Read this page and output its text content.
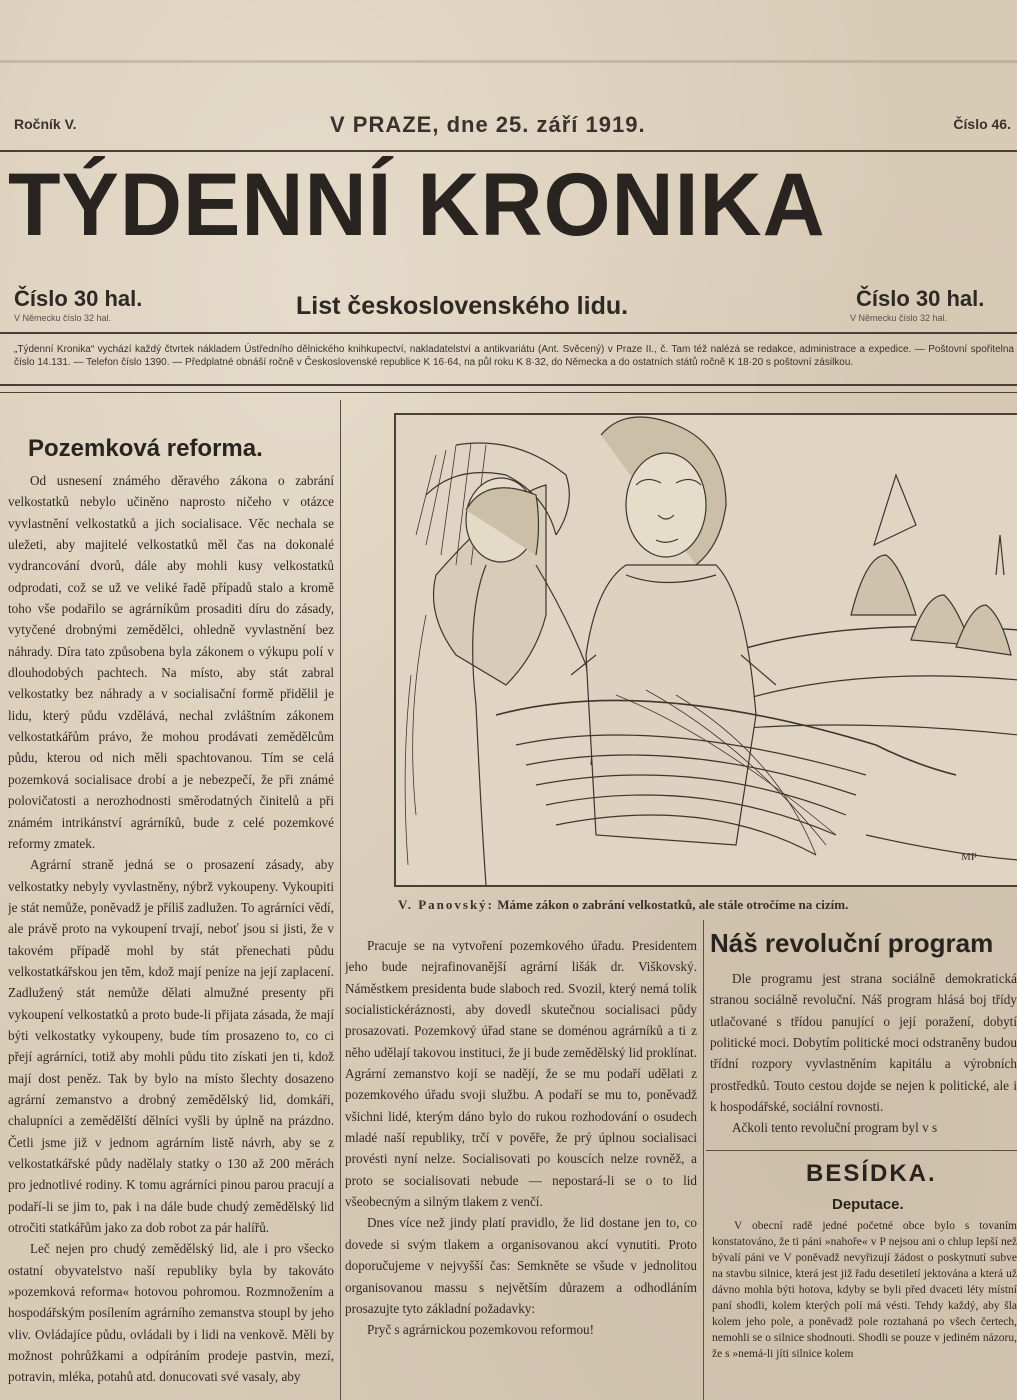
Ročník V.	V PRAZE, dne 25. září 1919.	Číslo 46.
TÝDENNÍ KRONIKA
Číslo 30 hal.
V Německu číslo 32 hal.	List československého lidu.	Číslo 30 hal.
V Německu číslo 32 hal.
„Týdenní Kronika“ vychází každý čtvrtek nákladem Ústředního dělnického knihkupectví, nakladatelství a antikvariátu (Ant. Svěcený) v Praze II., č. Tam též nalézá se redakce, administrace a expedice. — Poštovní spořitelna číslo 14.131. — Telefon číslo 1390. — Předplatné obnáší ročně v Československé republice K 16·64, na půl roku K 8·32, do Německa a do ostatních států ročně K 18·20 s poštovní zásilkou.
Pozemková reforma.

Od usnesení známého děravého zákona o zabrání velkostatků nebylo učiněno naprosto ničeho v otázce vyvlastnění velkostatků a jich socialisace. Věc nechala se uležeti, aby majitelé velkostatků měl čas na dokonalé vydrancování dvorů, dále aby mohli kusy velkostatků odprodati, což se už ve veliké řadě případů stalo a kromě toho vše podařilo se agrárníkům prosaditi díru do zásady, vytyčené drobnými zemědělci, ohledně vyvlastnění bez náhrady. Díra tato způsobena byla zákonem o výkupu polí v dlouhodobých pachtech. Na místo, aby stát zabral velkostatky bez náhrady a v socialisační formě přidělil je lidu, který půdu vzdělává, nechal zvláštním zákonem velkostatkářům právo, že mohou prodávati zemědělcům půdu, kterou od nich měli spachtovanou. Tím se celá pozemková socialisace drobí a je nebezpečí, že při známé polovičatosti a nerozhodnosti směrodatných činitelů a při známém intrikánství agrárníků, bude z celé pozemkové reformy zmatek.

Agrární straně jedná se o prosazení zásady, aby velkostatky nebyly vyvlastněny, nýbrž vykoupeny. Vykoupiti je stát nemůže, poněvadž je příliš zadlužen. To agrárníci vědí, ale právě proto na vykoupení trvají, neboť jsou si jisti, že v takovém případě mohl by stát přenechati půdu velkostatkářskou jen těm, kdož mají peníze na její zaplacení. Zadlužený stát nemůže dělati almužné presenty při vykoupení velkostatků a proto bude-li přijata zásada, že mají býti velkostatky vykoupeny, bude tím prosazeno to, co ci přejí agrárníci, totiž aby mohli půdu tito získati jen ti, kdož mají dost peněz. Tak by bylo na místo šlechty dosazeno agrární zemanstvo a drobný zemědělský lid, domkáři, chalupníci a zemědělští dělníci vyšli by úplně na prázdno. Četli jsme již v jednom agrárním listě návrh, aby se z velkostatkářské půdy nadělaly statky o 130 až 200 měrách pro jednotlivé rodiny. K tomu agrárníci pinou parou pracují a podaří-li se jim to, pak i na dále bude chudý zemědělský lid otročiti statkářům jako za dob robot za pár halířů.

Leč nejen pro chudý zemědělský lid, ale i pro všecko ostatní obyvatelstvo naší republiky byla by takováto »pozemková reforma« hotovou pohromou. Rozmnožením a hospodářským posílením agrárního zemanstva stoupl by jeho vliv. Ovládajíce půdu, ovládali by i lidi na venkově. Měli by možnost pohrůžkami a odpíráním prodeje pastvin, mezí, potravin, mléka, potahů atd. donucovati své vasaly, aby

MP
V. Panovský: Máme zákon o zabrání velkostatků, ale stále otročíme na cizím.

Pracuje se na vytvoření pozemkového úřadu. Presidentem jeho bude nejrafinovanější agrární lišák dr. Viškovský. Náměstkem presidenta bude slaboch red. Svozil, který nemá tolik socialistickéráznosti, aby dovedl skutečnou socialisaci půdy prosazovati. Pozemkový úřad stane se doménou agrárníků a ti z něho udělají takovou instituci, že ji bude zemědělský lid proklínat. Agrární zemanstvo kojí se nadějí, že se mu podaří udělati z pozemkového úřadu svoji službu. A podaří se mu to, poněvadž všichni lidé, kterým dáno bylo do rukou rozhodování o osudech mladé naší republiky, trčí v pověře, že prý úplnou socialisaci provésti nyní nelze. Socialisovati po kouscích nelze rovněž, a proto se socialisovati nebude — nepostará-li se o to lid všeobecným a silným tlakem z venčí.

Dnes více než jindy platí pravidlo, že lid dostane jen to, co dovede si svým tlakem a organisovanou akcí vynutiti. Proto doporučujeme v nejvyšší čas: Semkněte se všude v jednolitou organisovanou massu s největším důrazem a odhodláním prosazujte tyto základní požadavky:

Pryč s agrárnickou pozemkovou reformou!

Náš revoluční program

Dle programu jest strana sociálně demokratická stranou sociálně revoluční. Náš program hlásá boj třídy utlačované s třídou panující o její poražení, dobytí politické moci. Dobytím politické moci odstraněny budou třídní rozpory vyvlastněním kapitálu a výrobních prostředků. Touto cestou dojde se nejen k politické, ale i k hospodářské, sociální rovnosti.

Ačkoli tento revoluční program byl v s

BESÍDKA.
Deputace.

V obecní radě jedné početné obce bylo s tovaním konstatováno, že ti páni »nahoře« v P nejsou ani o chlup lepší než bývalí páni ve V poněvadž nevyřizují žádost o poskytnutí subve na stavbu silnice, která jest již řadu desetiletí jektována a která už dávno mohla býti hotova, kdyby se byli před dvaceti léty místní paní shodli, kolem kterých polí má vésti. Tehdy každý, aby šla kolem jeho pole, a poněvadž pole roztahaná po všech čertech, nemohli se o silnice shodnouti. Shodli se pouze v jediném názoru, že s »nemá-li jíti silnice kolem
